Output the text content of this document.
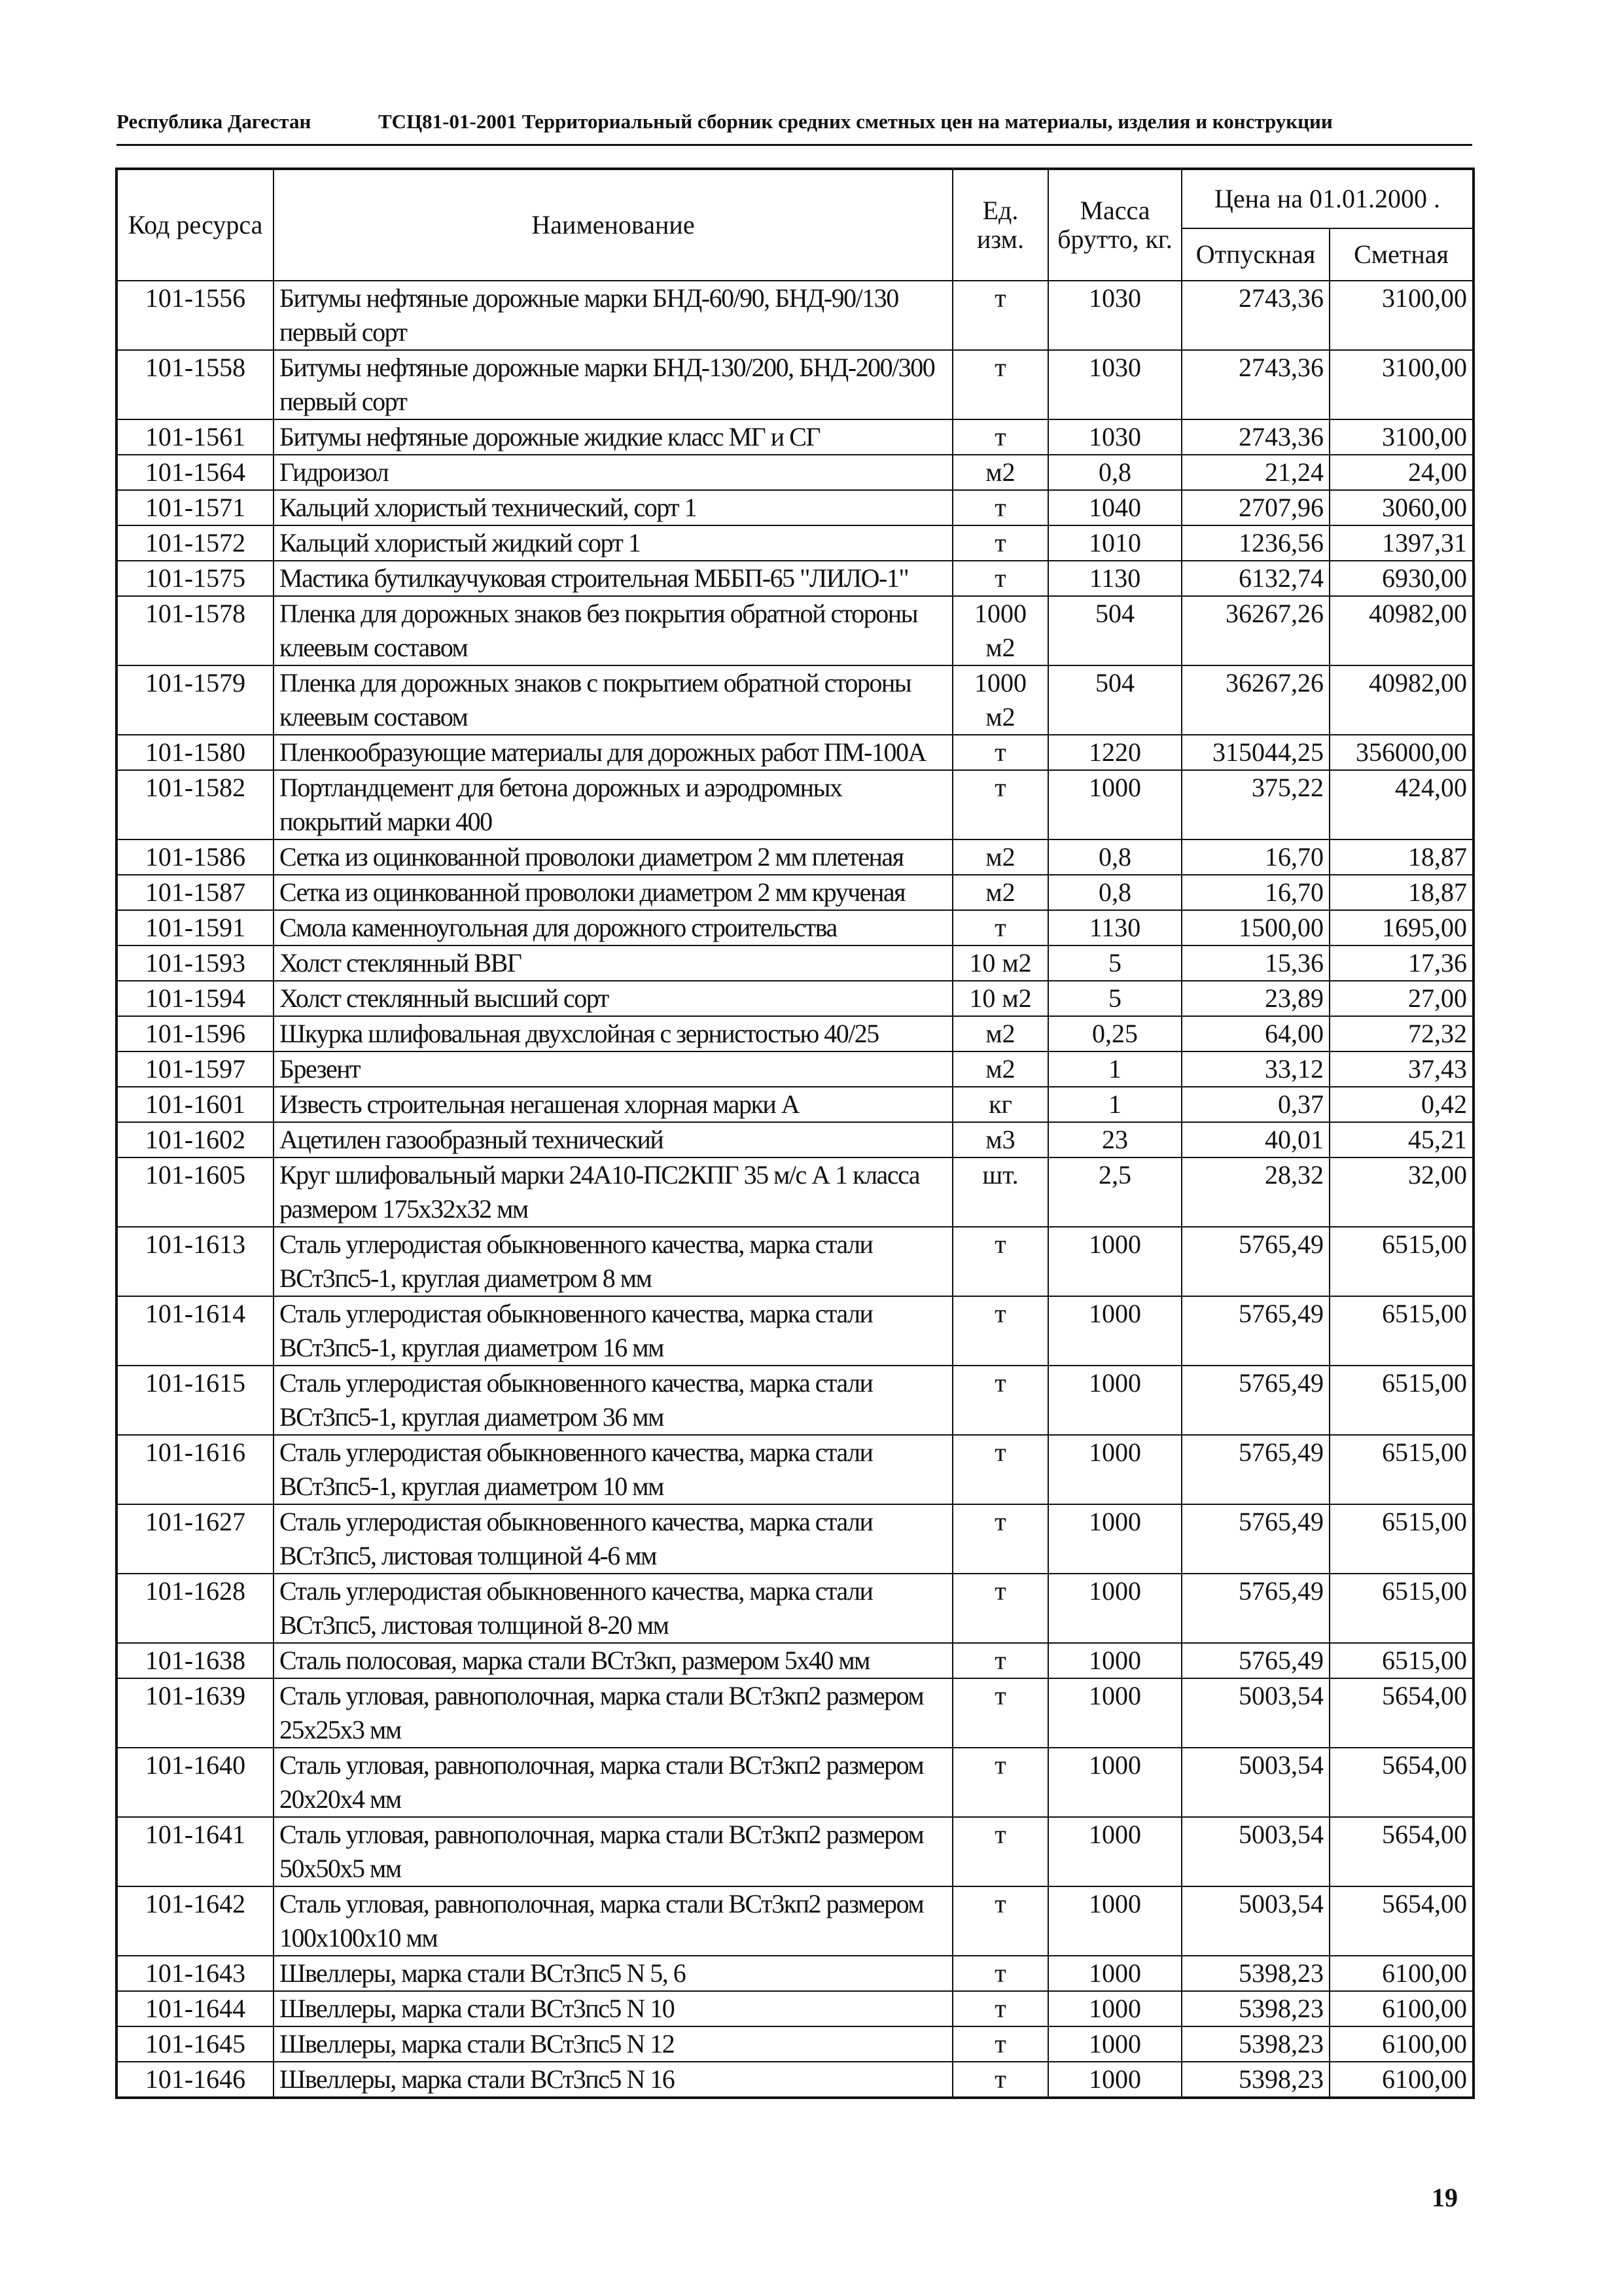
Республика Дагестан	ТСЦ81-01-2001 Территориальный сборник средних сметных цен на материалы, изделия и конструкции
Код ресурса	Наименование	Ед. изм.	Масса брутто, кг.	Цена на 01.01.2000 .	
				Отпускная	Сметная
101-1556	Битумы нефтяные дорожные марки БНД-60/90, БНД-90/130 первый сорт	т	1030	2743,36	3100,00
101-1558	Битумы нефтяные дорожные марки БНД-130/200, БНД-200/300 первый сорт	т	1030	2743,36	3100,00
101-1561	Битумы нефтяные дорожные жидкие класс МГ и СГ	т	1030	2743,36	3100,00
101-1564	Гидроизол	м2	0,8	21,24	24,00
101-1571	Кальций хлористый технический, сорт 1	т	1040	2707,96	3060,00
101-1572	Кальций хлористый жидкий сорт 1	т	1010	1236,56	1397,31
101-1575	Мастика бутилкаучуковая строительная МББП-65 "ЛИЛО-1"	т	1130	6132,74	6930,00
101-1578	Пленка для дорожных знаков без покрытия обратной стороны клеевым составом	1000 м2	504	36267,26	40982,00
101-1579	Пленка для дорожных знаков с покрытием обратной стороны клеевым составом	1000 м2	504	36267,26	40982,00
101-1580	Пленкообразующие материалы для дорожных работ ПМ-100А	т	1220	315044,25	356000,00
101-1582	Портландцемент для бетона дорожных и аэродромных покрытий марки 400	т	1000	375,22	424,00
101-1586	Сетка из оцинкованной проволоки диаметром 2 мм плетеная	м2	0,8	16,70	18,87
101-1587	Сетка из оцинкованной проволоки диаметром 2 мм крученая	м2	0,8	16,70	18,87
101-1591	Смола каменноугольная для дорожного строительства	т	1130	1500,00	1695,00
101-1593	Холст стеклянный ВВГ	10 м2	5	15,36	17,36
101-1594	Холст стеклянный высший сорт	10 м2	5	23,89	27,00
101-1596	Шкурка шлифовальная двухслойная с зернистостью 40/25	м2	0,25	64,00	72,32
101-1597	Брезент	м2	1	33,12	37,43
101-1601	Известь строительная негашеная хлорная марки А	кг	1	0,37	0,42
101-1602	Ацетилен газообразный технический	м3	23	40,01	45,21
101-1605	Круг шлифовальный марки 24А10-ПС2КПГ 35 м/с А 1 класса размером 175х32х32 мм	шт.	2,5	28,32	32,00
101-1613	Сталь углеродистая обыкновенного качества, марка стали ВСт3пс5-1, круглая диаметром 8 мм	т	1000	5765,49	6515,00
101-1614	Сталь углеродистая обыкновенного качества, марка стали ВСт3пс5-1, круглая диаметром 16 мм	т	1000	5765,49	6515,00
101-1615	Сталь углеродистая обыкновенного качества, марка стали ВСт3пс5-1, круглая диаметром 36 мм	т	1000	5765,49	6515,00
101-1616	Сталь углеродистая обыкновенного качества, марка стали ВСт3пс5-1, круглая диаметром 10 мм	т	1000	5765,49	6515,00
101-1627	Сталь углеродистая обыкновенного качества, марка стали ВСт3пс5, листовая толщиной 4-6 мм	т	1000	5765,49	6515,00
101-1628	Сталь углеродистая обыкновенного качества, марка стали ВСт3пс5, листовая толщиной 8-20 мм	т	1000	5765,49	6515,00
101-1638	Сталь полосовая, марка стали ВСт3кп, размером 5х40 мм	т	1000	5765,49	6515,00
101-1639	Сталь угловая, равнополочная, марка стали ВСт3кп2 размером 25х25х3 мм	т	1000	5003,54	5654,00
101-1640	Сталь угловая, равнополочная, марка стали ВСт3кп2 размером 20х20х4 мм	т	1000	5003,54	5654,00
101-1641	Сталь угловая, равнополочная, марка стали ВСт3кп2 размером 50х50х5 мм	т	1000	5003,54	5654,00
101-1642	Сталь угловая, равнополочная, марка стали ВСт3кп2 размером 100х100х10 мм	т	1000	5003,54	5654,00
101-1643	Швеллеры, марка стали ВСт3пс5 N 5, 6	т	1000	5398,23	6100,00
101-1644	Швеллеры, марка стали ВСт3пс5 N 10	т	1000	5398,23	6100,00
101-1645	Швеллеры, марка стали ВСт3пс5 N 12	т	1000	5398,23	6100,00
101-1646	Швеллеры, марка стали ВСт3пс5 N 16	т	1000	5398,23	6100,00
19
